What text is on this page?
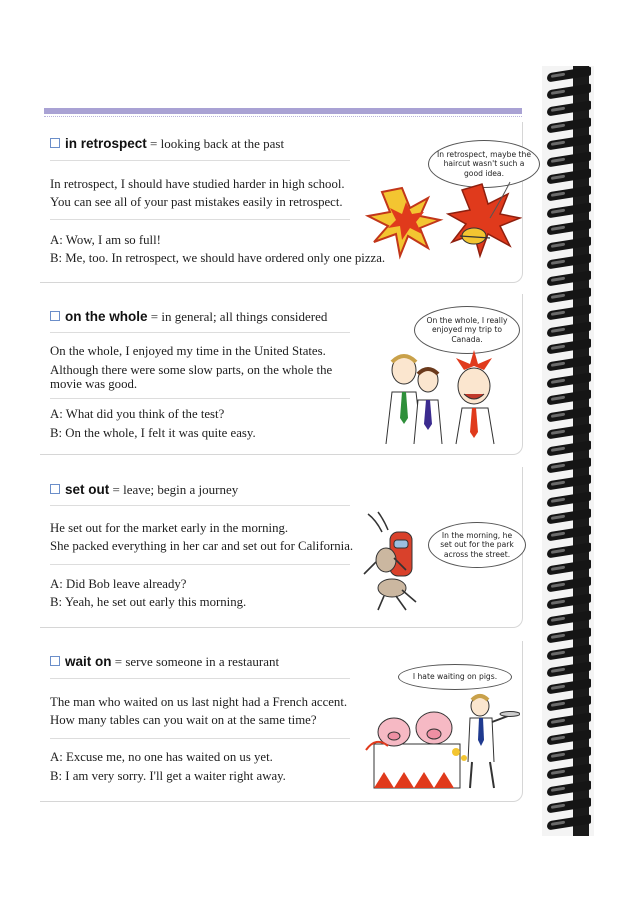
in retrospect = looking back at the past
In retrospect, I should have studied harder in high school.
You can see all of your past mistakes easily in retrospect.
A: Wow, I am so full!
B: Me, too. In retrospect, we should have ordered only one pizza.
In retrospect, maybe the haircut wasn't such a good idea.
on the whole = in general; all things considered
On the whole, I enjoyed my time in the United States.
Although there were some slow parts, on the whole the
movie was good.
A: What did you think of the test?
B: On the whole, I felt it was quite easy.
On the whole, I really enjoyed my trip to Canada.
set out = leave; begin a journey
He set out for the market early in the morning.
She packed everything in her car and set out for California.
A: Did Bob leave already?
B: Yeah, he set out early this morning.
In the morning, he set out for the park across the street.
wait on = serve someone in a restaurant
The man who waited on us last night had a French accent.
How many tables can you wait on at the same time?
A: Excuse me, no one has waited on us yet.
B: I am very sorry. I'll get a waiter right away.
I hate waiting on pigs.
